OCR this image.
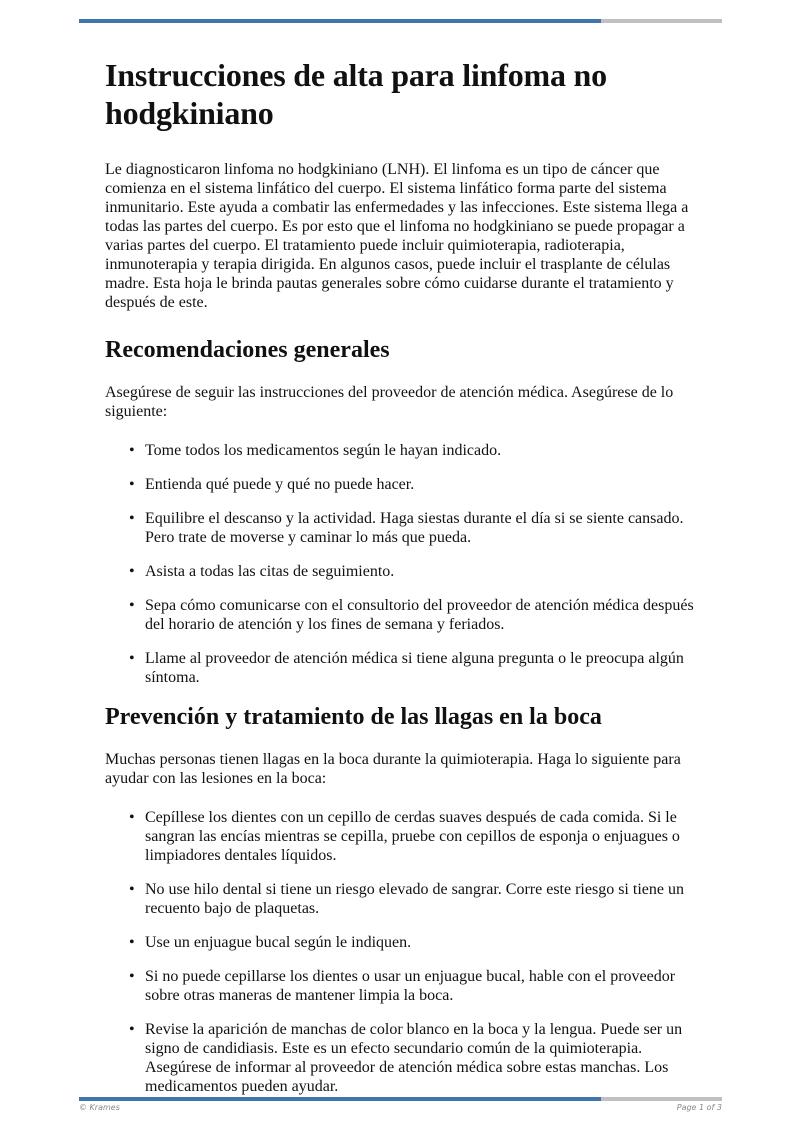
Instrucciones de alta para linfoma no hodgkiniano

Le diagnosticaron linfoma no hodgkiniano (LNH). El linfoma es un tipo de cáncer que comienza en el sistema linfático del cuerpo. El sistema linfático forma parte del sistema inmunitario. Este ayuda a combatir las enfermedades y las infecciones. Este sistema llega a todas las partes del cuerpo. Es por esto que el linfoma no hodgkiniano se puede propagar a varias partes del cuerpo. El tratamiento puede incluir quimioterapia, radioterapia, inmunoterapia y terapia dirigida. En algunos casos, puede incluir el trasplante de células madre. Esta hoja le brinda pautas generales sobre cómo cuidarse durante el tratamiento y después de este.

Recomendaciones generales

Asegúrese de seguir las instrucciones del proveedor de atención médica. Asegúrese de lo siguiente:

• Tome todos los medicamentos según le hayan indicado.
• Entienda qué puede y qué no puede hacer.
• Equilibre el descanso y la actividad. Haga siestas durante el día si se siente cansado. Pero trate de moverse y caminar lo más que pueda.
• Asista a todas las citas de seguimiento.
• Sepa cómo comunicarse con el consultorio del proveedor de atención médica después del horario de atención y los fines de semana y feriados.
• Llame al proveedor de atención médica si tiene alguna pregunta o le preocupa algún síntoma.
Prevención y tratamiento de las llagas en la boca

Muchas personas tienen llagas en la boca durante la quimioterapia. Haga lo siguiente para ayudar con las lesiones en la boca:

• Cepíllese los dientes con un cepillo de cerdas suaves después de cada comida. Si le sangran las encías mientras se cepilla, pruebe con cepillos de esponja o enjuagues o limpiadores dentales líquidos.
• No use hilo dental si tiene un riesgo elevado de sangrar. Corre este riesgo si tiene un recuento bajo de plaquetas.
• Use un enjuague bucal según le indiquen.
• Si no puede cepillarse los dientes o usar un enjuague bucal, hable con el proveedor sobre otras maneras de mantener limpia la boca.
• Revise la aparición de manchas de color blanco en la boca y la lengua. Puede ser un signo de candidiasis. Este es un efecto secundario común de la quimioterapia. Asegúrese de informar al proveedor de atención médica sobre estas manchas. Los medicamentos pueden ayudar.
© Krames	Page 1 of 3
